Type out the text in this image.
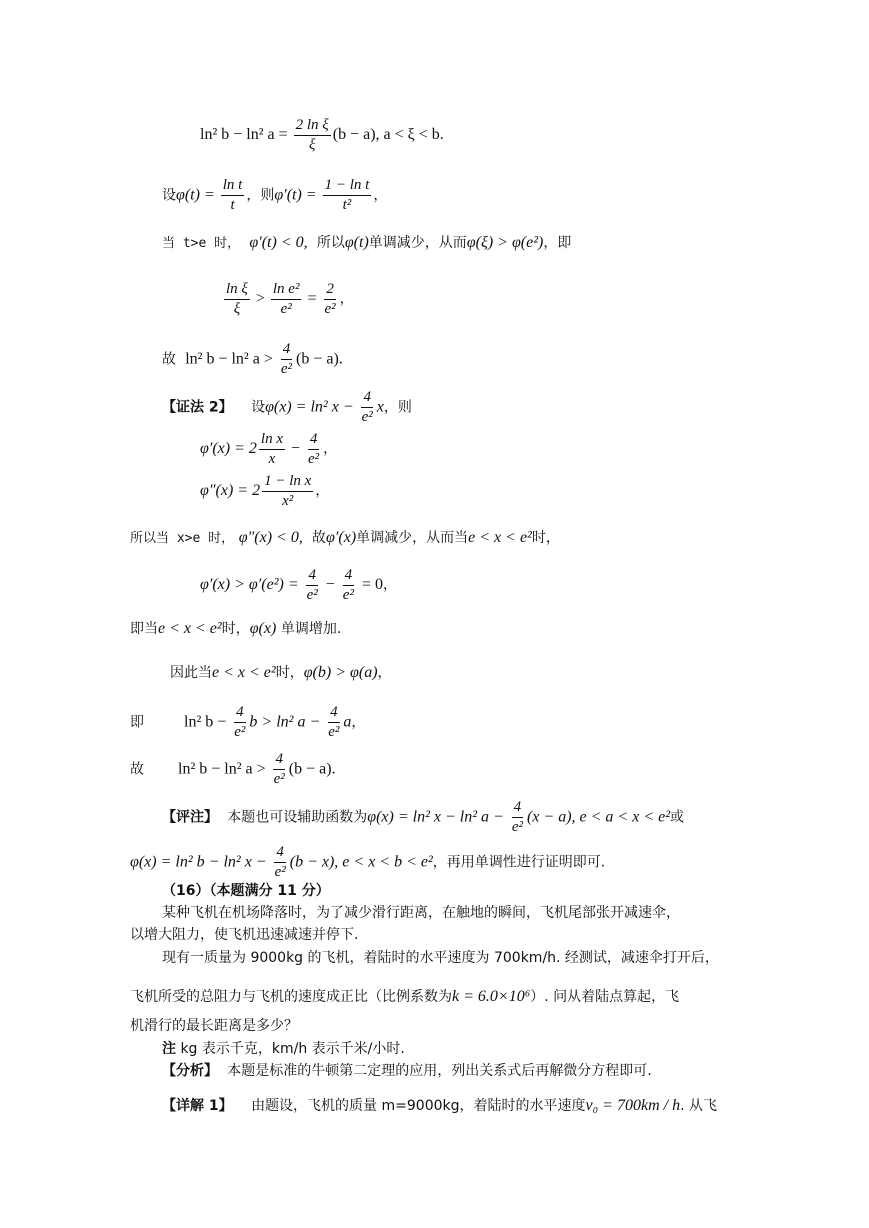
ln² b − ln² $a = \frac{\text{2 ln ξ}}{\xi} (b - a)$, a < ξ < b.
设$\varphi(t) = \frac{\text{ln t}}{t}$ ，则$\varphi'(t) = \frac{\text{1 − ln t}}{\text{t²}}$ ，
当 t>e 时， φ′(t) < 0, 所以φ(t)单调减少，从而φ(ξ) > φ(e²)，即
$\frac{\text{ln ξ}}{\xi} > \frac{\text{ln e²}}{\text{e²}} = \frac{2}{\text{e²}}$ ，
故 ln² b − ln² $a > \frac{4}{\text{e²}} (b - a)$.
【证法 2】 设φ(x) = ln² $x - \frac{4}{\text{e²}}$ x，则
$\varphi'(x) = 2 \frac{\text{ln x}}{x} - \frac{4}{\text{e²}}$ ，
$\varphi''(x) = 2 \frac{\text{1 − ln x}}{\text{x²}}$ ，
所以当 x>e 时， φ″(x) < 0, 故φ′(x)单调减少，从而当e < x < e²时，
$\varphi'(x) > \varphi'(e^2) = \frac{4}{\text{e²}} - \frac{4}{\text{e²}} = 0$，
即当e < x < e²时，φ(x) 单调增加.
因此当e < x < e²时，φ(b) > φ(a)，
即	ln² $b - \frac{4}{\text{e²}}$ b > ln² $a - \frac{4}{\text{e²}}$ a，
故 ln² b − ln² $a > \frac{4}{\text{e²}} (b - a)$.
【评注】 本题也可设辅助函数为φ(x) = ln² x − ln² $a - \frac{4}{\text{e²}} (x - a)$, e < a < x < e²或
φ(x) = ln² b − ln² $x - \frac{4}{\text{e²}} (b - x)$, e < x < b < e²，再用单调性进行证明即可.
（16）（本题满分 11 分）
某种飞机在机场降落时，为了减少滑行距离，在触地的瞬间，飞机尾部张开减速伞，
以增大阻力，使飞机迅速减速并停下.
现有一质量为 9000kg 的飞机，着陆时的水平速度为 700km/h. 经测试，减速伞打开后，
飞机所受的总阻力与飞机的速度成正比（比例系数为k = 6.0×10⁶）. 问从着陆点算起，飞
机滑行的最长距离是多少？
注 kg 表示千克，km/h 表示千米/小时.
【分析】 本题是标准的牛顿第二定理的应用，列出关系式后再解微分方程即可.
【详解 1】 由题设，飞机的质量 m=9000kg，着陆时的水平速度v₀ = 700km / h. 从飞
